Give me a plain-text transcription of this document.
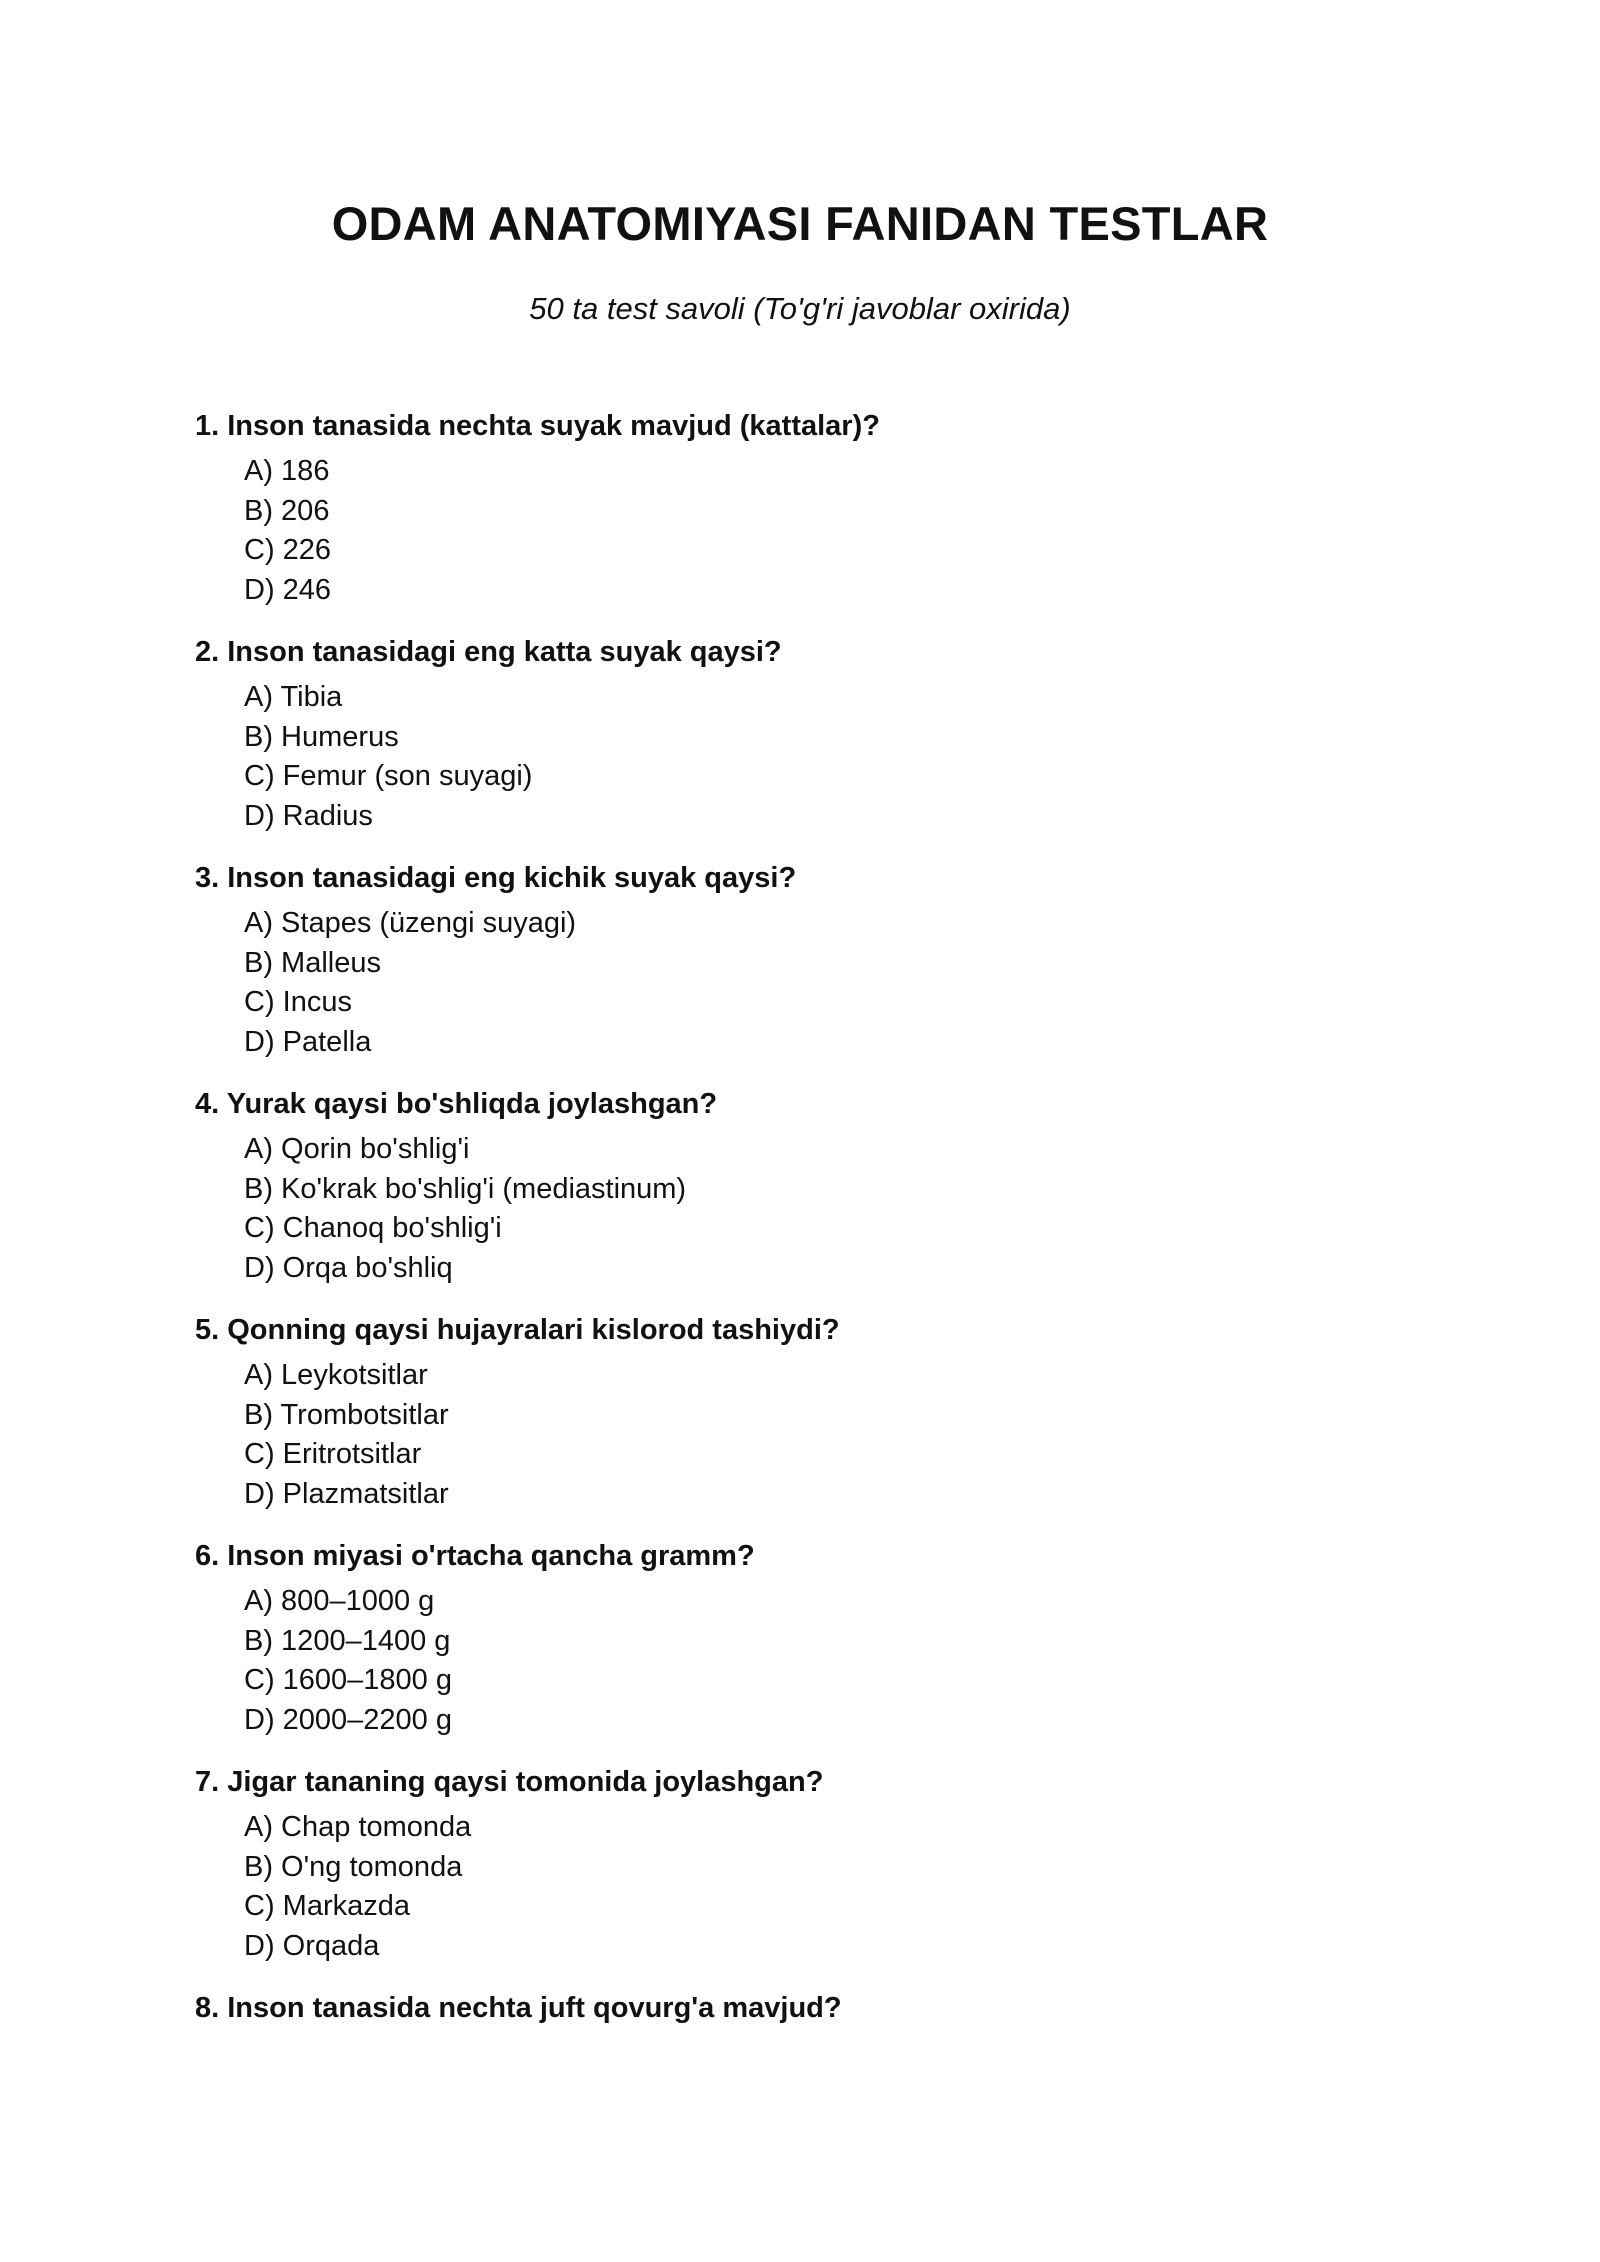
ODAM ANATOMIYASI FANIDAN TESTLAR

50 ta test savoli (To'g'ri javoblar oxirida)

1. Inson tanasida nechta suyak mavjud (kattalar)?
A) 186
B) 206
C) 226
D) 246
2. Inson tanasidagi eng katta suyak qaysi?
A) Tibia
B) Humerus
C) Femur (son suyagi)
D) Radius
3. Inson tanasidagi eng kichik suyak qaysi?
A) Stapes (üzengi suyagi)
B) Malleus
C) Incus
D) Patella
4. Yurak qaysi bo'shliqda joylashgan?
A) Qorin bo'shlig'i
B) Ko'krak bo'shlig'i (mediastinum)
C) Chanoq bo'shlig'i
D) Orqa bo'shliq
5. Qonning qaysi hujayralari kislorod tashiydi?
A) Leykotsitlar
B) Trombotsitlar
C) Eritrotsitlar
D) Plazmatsitlar
6. Inson miyasi o'rtacha qancha gramm?
A) 800–1000 g
B) 1200–1400 g
C) 1600–1800 g
D) 2000–2200 g
7. Jigar tananing qaysi tomonida joylashgan?
A) Chap tomonda
B) O'ng tomonda
C) Markazda
D) Orqada
8. Inson tanasida nechta juft qovurg'a mavjud?
